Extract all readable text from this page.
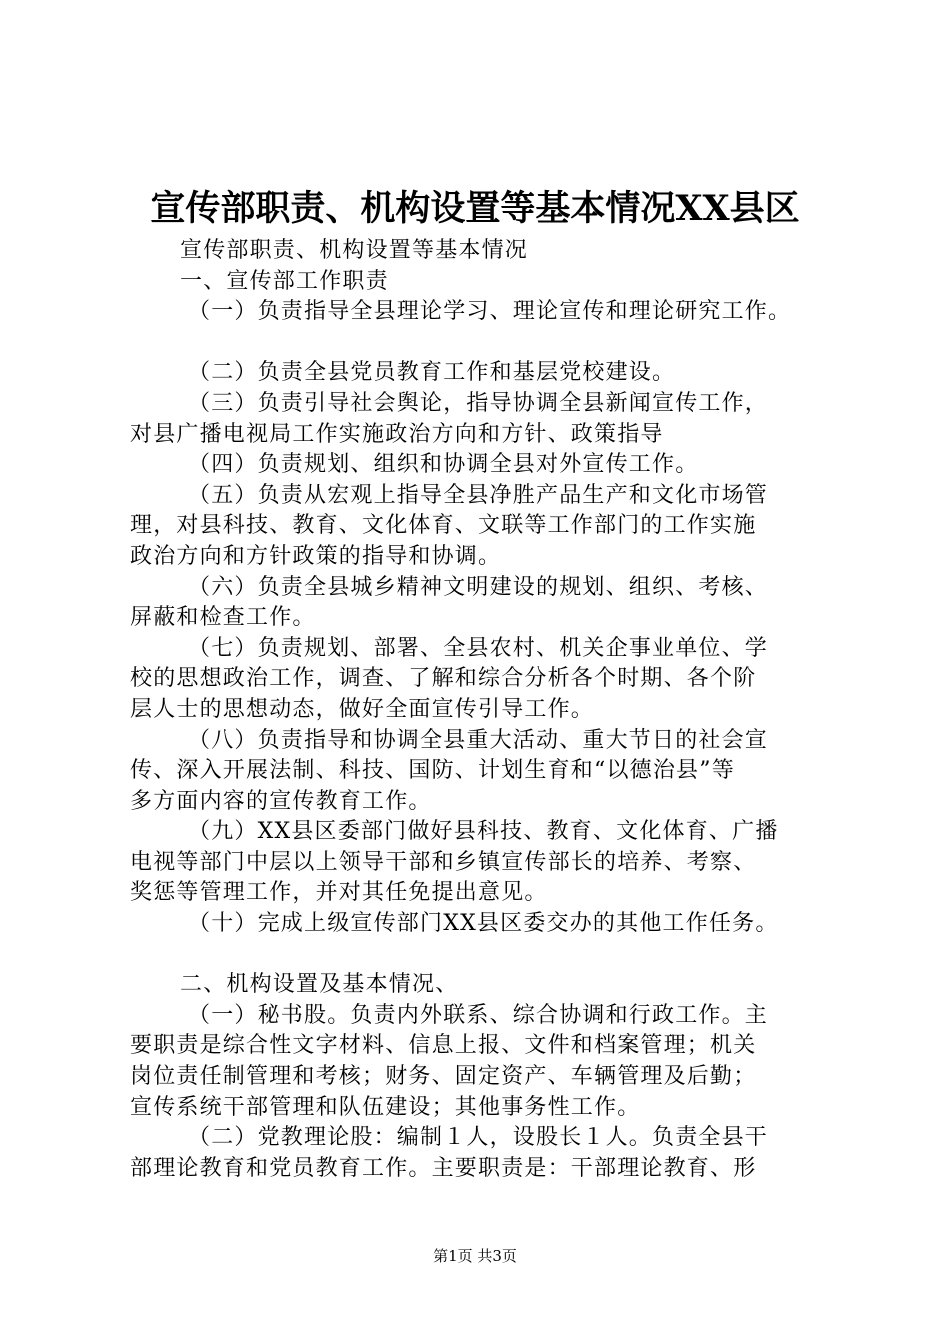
宣传部职责、机构设置等基本情况XX县区
宣传部职责、机构设置等基本情况
一、宣传部工作职责
（一）负责指导全县理论学习、理论宣传和理论研究工作。
（二）负责全县党员教育工作和基层党校建设。
（三）负责引导社会舆论，指导协调全县新闻宣传工作，
对县广播电视局工作实施政治方向和方针、政策指导
（四）负责规划、组织和协调全县对外宣传工作。
（五）负责从宏观上指导全县净胜产品生产和文化市场管
理，对县科技、教育、文化体育、文联等工作部门的工作实施
政治方向和方针政策的指导和协调。
（六）负责全县城乡精神文明建设的规划、组织、考核、
屏蔽和检查工作。
（七）负责规划、部署、全县农村、机关企事业单位、学
校的思想政治工作，调查、了解和综合分析各个时期、各个阶
层人士的思想动态，做好全面宣传引导工作。
（八）负责指导和协调全县重大活动、重大节日的社会宣
传、深入开展法制、科技、国防、计划生育和“以德治县”等
多方面内容的宣传教育工作。
（九）XX县区委部门做好县科技、教育、文化体育、广播
电视等部门中层以上领导干部和乡镇宣传部长的培养、考察、
奖惩等管理工作，并对其任免提出意见。
（十）完成上级宣传部门XX县区委交办的其他工作任务。
二、机构设置及基本情况、
（一）秘书股。负责内外联系、综合协调和行政工作。主
要职责是综合性文字材料、信息上报、文件和档案管理；机关
岗位责任制管理和考核；财务、固定资产、车辆管理及后勤；
宣传系统干部管理和队伍建设；其他事务性工作。
（二）党教理论股：编制１人，设股长１人。负责全县干
部理论教育和党员教育工作。主要职责是：干部理论教育、形
第1页 共3页
